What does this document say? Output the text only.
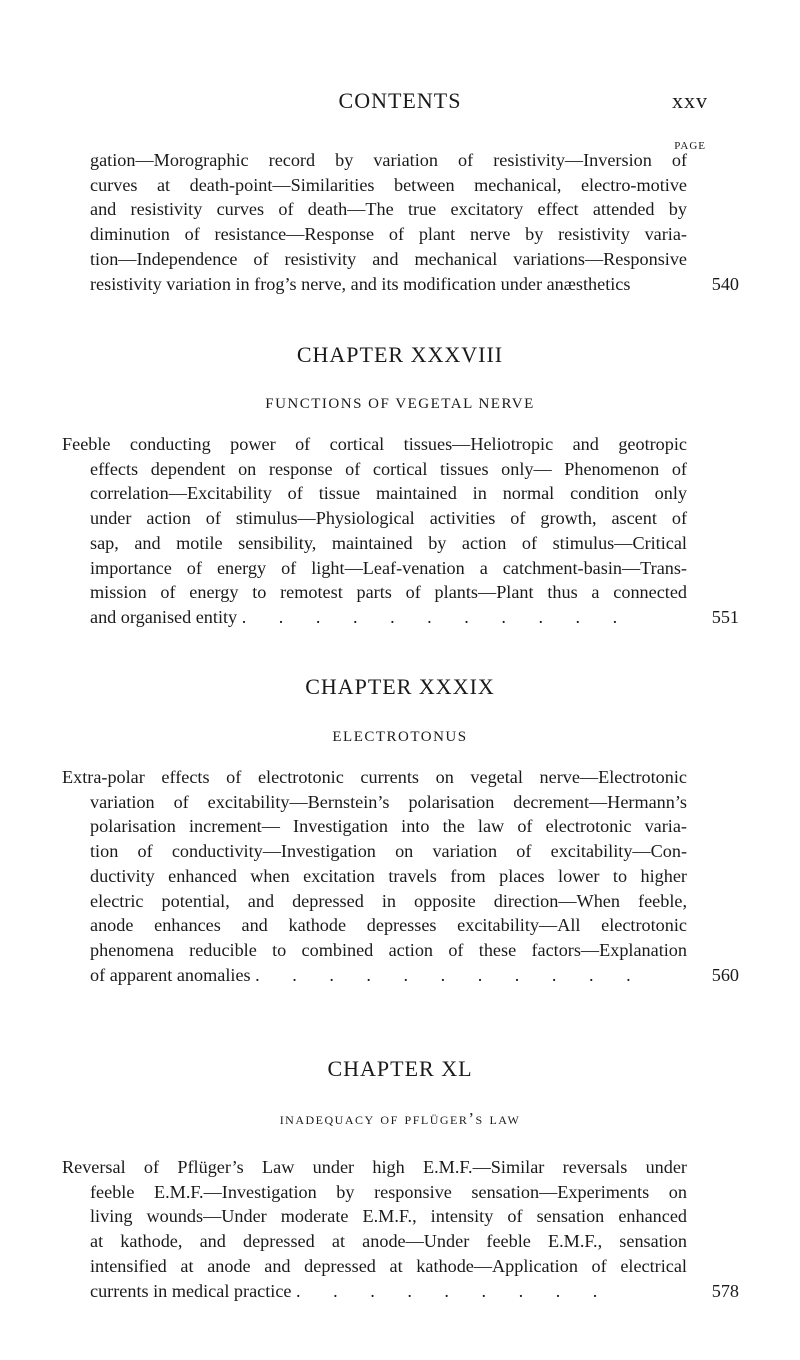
CONTENTS	xxv
PAGE
gation—Morographic record by variation of resistivity—Inversion of
curves at death-point—Similarities between mechanical, electro-motive
and resistivity curves of death—The true excitatory effect attended by
diminution of resistance—Response of plant nerve by resistivity varia-
tion—Independence of resistivity and mechanical variations—Responsive
resistivity variation in frog’s nerve, and its modification under anæsthetics	540
CHAPTER XXXVIII
FUNCTIONS OF VEGETAL NERVE
Feeble conducting power of cortical tissues—Heliotropic and geotropic
effects dependent on response of cortical tissues only— Phenomenon of
correlation—Excitability of tissue maintained in normal condition only
under action of stimulus—Physiological activities of growth, ascent of
sap, and motile sensibility, maintained by action of stimulus—Critical
importance of energy of light—Leaf-venation a catchment-basin—Trans-
mission of energy to remotest parts of plants—Plant thus a connected
and organised entity . . . . . . . . . . .	551
CHAPTER XXXIX
ELECTROTONUS
Extra-polar effects of electrotonic currents on vegetal nerve—Electrotonic
variation of excitability—Bernstein’s polarisation decrement—Hermann’s
polarisation increment— Investigation into the law of electrotonic varia-
tion of conductivity—Investigation on variation of excitability—Con-
ductivity enhanced when excitation travels from places lower to higher
electric potential, and depressed in opposite direction—When feeble,
anode enhances and kathode depresses excitability—All electrotonic
phenomena reducible to combined action of these factors—Explanation
of apparent anomalies . . . . . . . . . . .	560
CHAPTER XL
inadequacy of pflüger’s law
Reversal of Pflüger’s Law under high E.M.F.—Similar reversals under
feeble E.M.F.—Investigation by responsive sensation—Experiments on
living wounds—Under moderate E.M.F., intensity of sensation enhanced
at kathode, and depressed at anode—Under feeble E.M.F., sensation
intensified at anode and depressed at kathode—Application of electrical
currents in medical practice . . . . . . . . .	578
